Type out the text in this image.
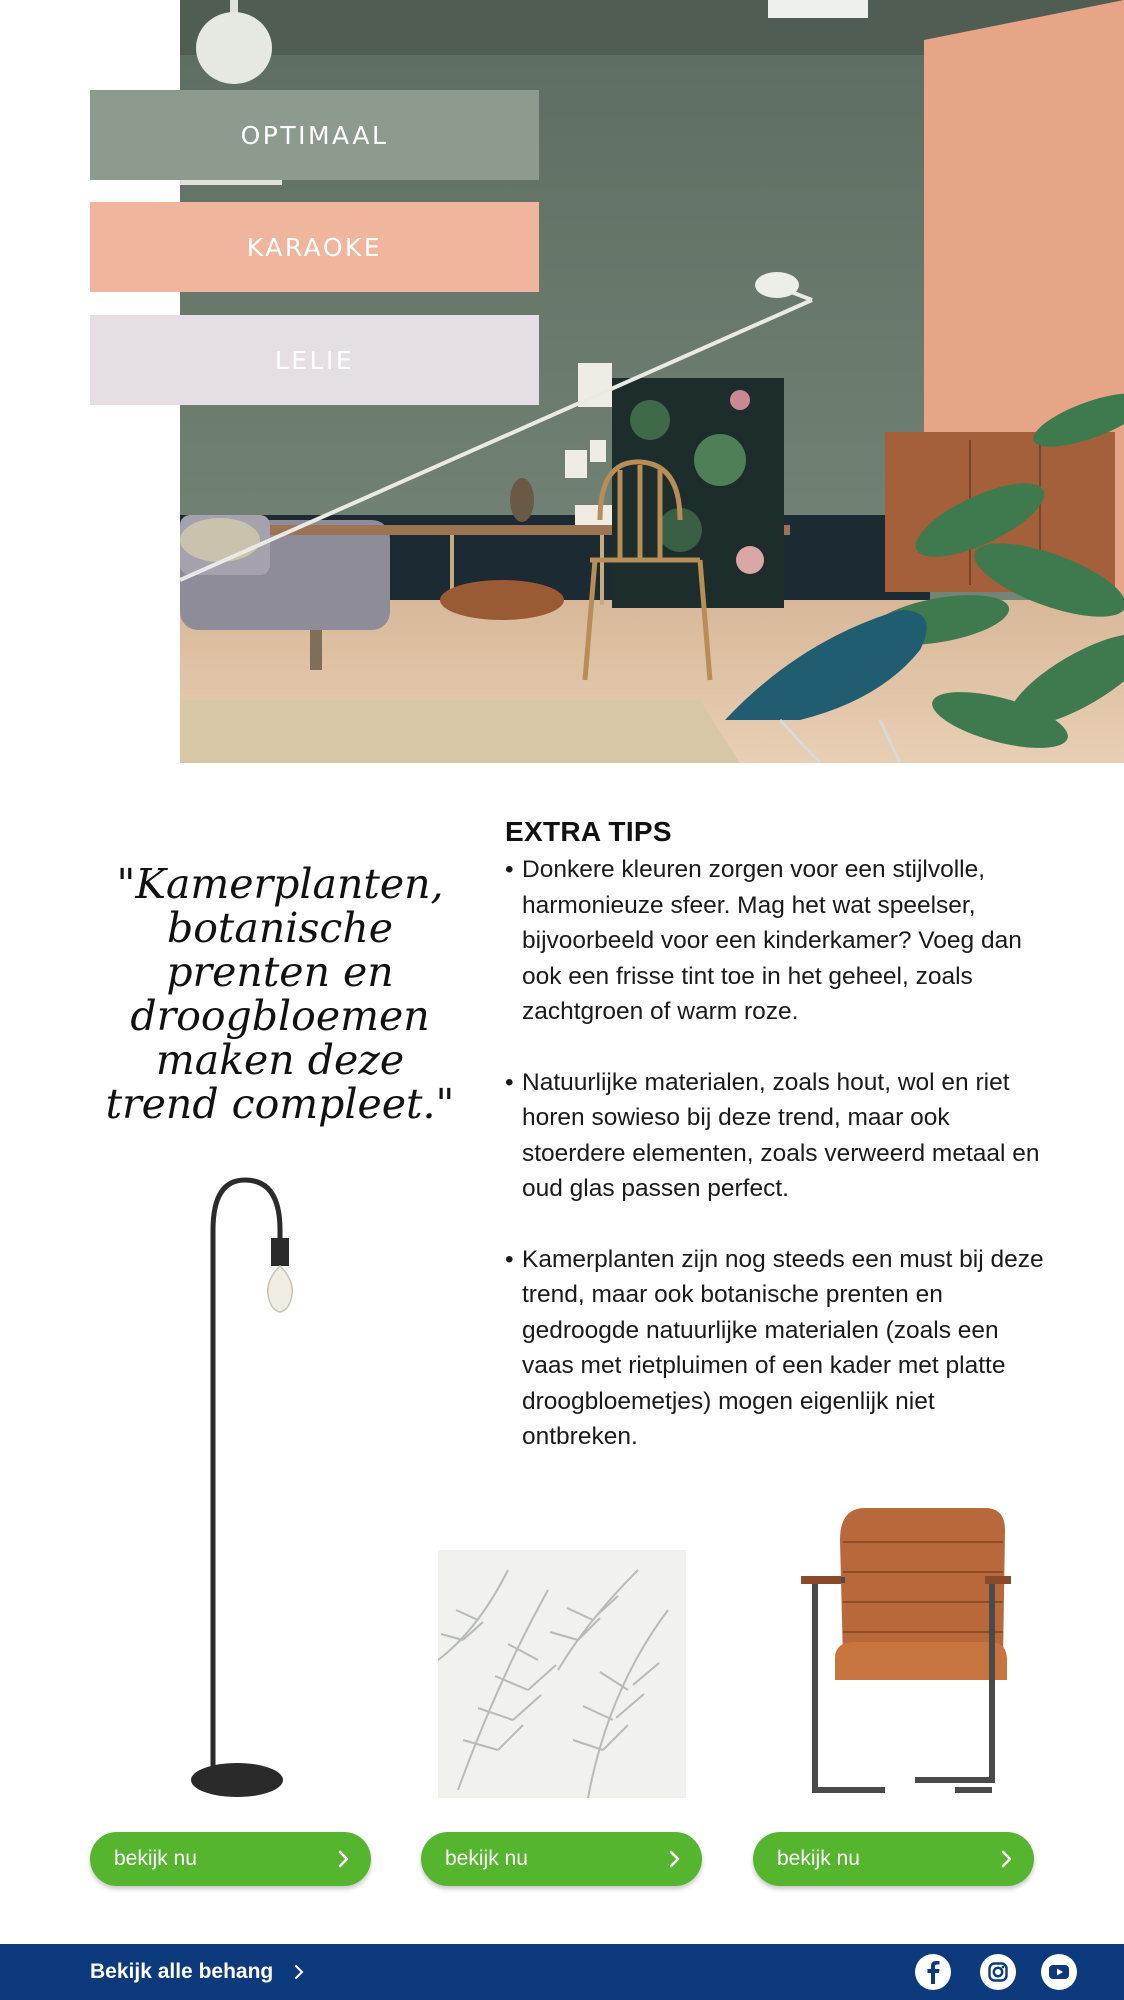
OPTIMAAL
KARAOKE
LELIE
"Kamerplanten,
botanische
prenten en
droogbloemen
maken deze
trend compleet."
EXTRA TIPS
• Donkere kleuren zorgen voor een stijlvolle, harmonieuze sfeer. Mag het wat speelser, bijvoorbeeld voor een kinderkamer? Voeg dan ook een frisse tint toe in het geheel, zoals zachtgroen of warm roze.
• Natuurlijke materialen, zoals hout, wol en riet horen sowieso bij deze trend, maar ook stoerdere elementen, zoals verweerd metaal en oud glas passen perfect.
• Kamerplanten zijn nog steeds een must bij deze trend, maar ook botanische prenten en gedroogde natuurlijke materialen (zoals een vaas met rietpluimen of een kader met platte droogbloemetjes) mogen eigenlijk niet ontbreken.
bekijk nu	bekijk nu	bekijk nu
Bekijk alle behang
